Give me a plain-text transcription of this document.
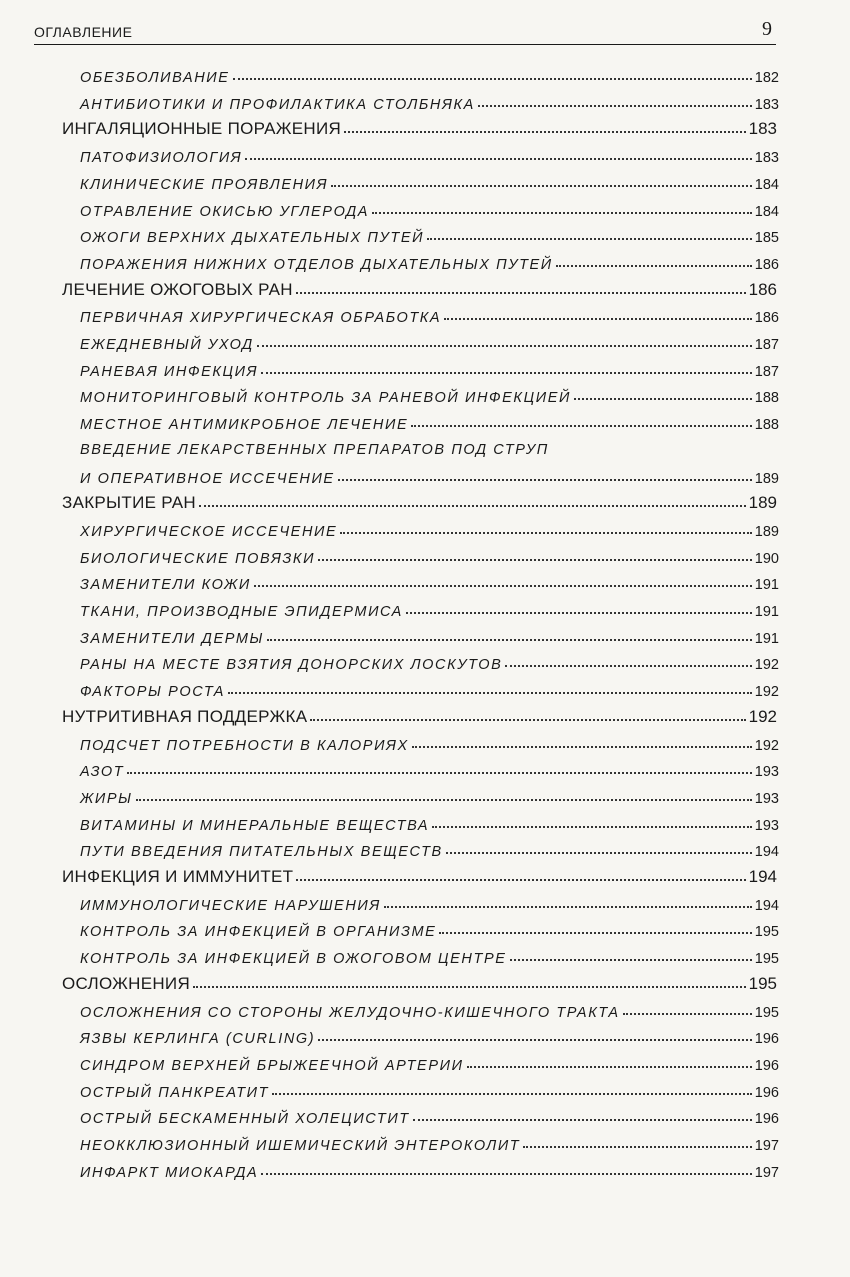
ОГЛАВЛЕНИЕ	9
ОБЕЗБОЛИВАНИЕ	182
АНТИБИОТИКИ И ПРОФИЛАКТИКА СТОЛБНЯКА	183
ИНГАЛЯЦИОННЫЕ ПОРАЖЕНИЯ	183
ПАТОФИЗИОЛОГИЯ	183
КЛИНИЧЕСКИЕ ПРОЯВЛЕНИЯ	184
ОТРАВЛЕНИЕ ОКИСЬЮ УГЛЕРОДА	184
ОЖОГИ ВЕРХНИХ ДЫХАТЕЛЬНЫХ ПУТЕЙ	185
ПОРАЖЕНИЯ НИЖНИХ ОТДЕЛОВ ДЫХАТЕЛЬНЫХ ПУТЕЙ	186
ЛЕЧЕНИЕ ОЖОГОВЫХ РАН	186
ПЕРВИЧНАЯ ХИРУРГИЧЕСКАЯ ОБРАБОТКА	186
ЕЖЕДНЕВНЫЙ УХОД	187
РАНЕВАЯ ИНФЕКЦИЯ	187
МОНИТОРИНГОВЫЙ КОНТРОЛЬ ЗА РАНЕВОЙ ИНФЕКЦИЕЙ	188
МЕСТНОЕ АНТИМИКРОБНОЕ ЛЕЧЕНИЕ	188
ВВЕДЕНИЕ ЛЕКАРСТВЕННЫХ ПРЕПАРАТОВ ПОД СТРУП
И ОПЕРАТИВНОЕ ИССЕЧЕНИЕ	189
ЗАКРЫТИЕ РАН	189
ХИРУРГИЧЕСКОЕ ИССЕЧЕНИЕ	189
БИОЛОГИЧЕСКИЕ ПОВЯЗКИ	190
ЗАМЕНИТЕЛИ КОЖИ	191
ТКАНИ, ПРОИЗВОДНЫЕ ЭПИДЕРМИСА	191
ЗАМЕНИТЕЛИ ДЕРМЫ	191
РАНЫ НА МЕСТЕ ВЗЯТИЯ ДОНОРСКИХ ЛОСКУТОВ	192
ФАКТОРЫ РОСТА	192
НУТРИТИВНАЯ ПОДДЕРЖКА	192
ПОДСЧЕТ ПОТРЕБНОСТИ В КАЛОРИЯХ	192
АЗОТ	193
ЖИРЫ	193
ВИТАМИНЫ И МИНЕРАЛЬНЫЕ ВЕЩЕСТВА	193
ПУТИ ВВЕДЕНИЯ ПИТАТЕЛЬНЫХ ВЕЩЕСТВ	194
ИНФЕКЦИЯ И ИММУНИТЕТ	194
ИММУНОЛОГИЧЕСКИЕ НАРУШЕНИЯ	194
КОНТРОЛЬ ЗА ИНФЕКЦИЕЙ В ОРГАНИЗМЕ	195
КОНТРОЛЬ ЗА ИНФЕКЦИЕЙ В ОЖОГОВОМ ЦЕНТРЕ	195
ОСЛОЖНЕНИЯ	195
ОСЛОЖНЕНИЯ СО СТОРОНЫ ЖЕЛУДОЧНО-КИШЕЧНОГО ТРАКТА	195
ЯЗВЫ КЕРЛИНГА (CURLING)	196
СИНДРОМ ВЕРХНЕЙ БРЫЖЕЕЧНОЙ АРТЕРИИ	196
ОСТРЫЙ ПАНКРЕАТИТ	196
ОСТРЫЙ БЕСКАМЕННЫЙ ХОЛЕЦИСТИТ	196
НЕОККЛЮЗИОННЫЙ ИШЕМИЧЕСКИЙ ЭНТЕРОКОЛИТ	197
ИНФАРКТ МИОКАРДА	197
